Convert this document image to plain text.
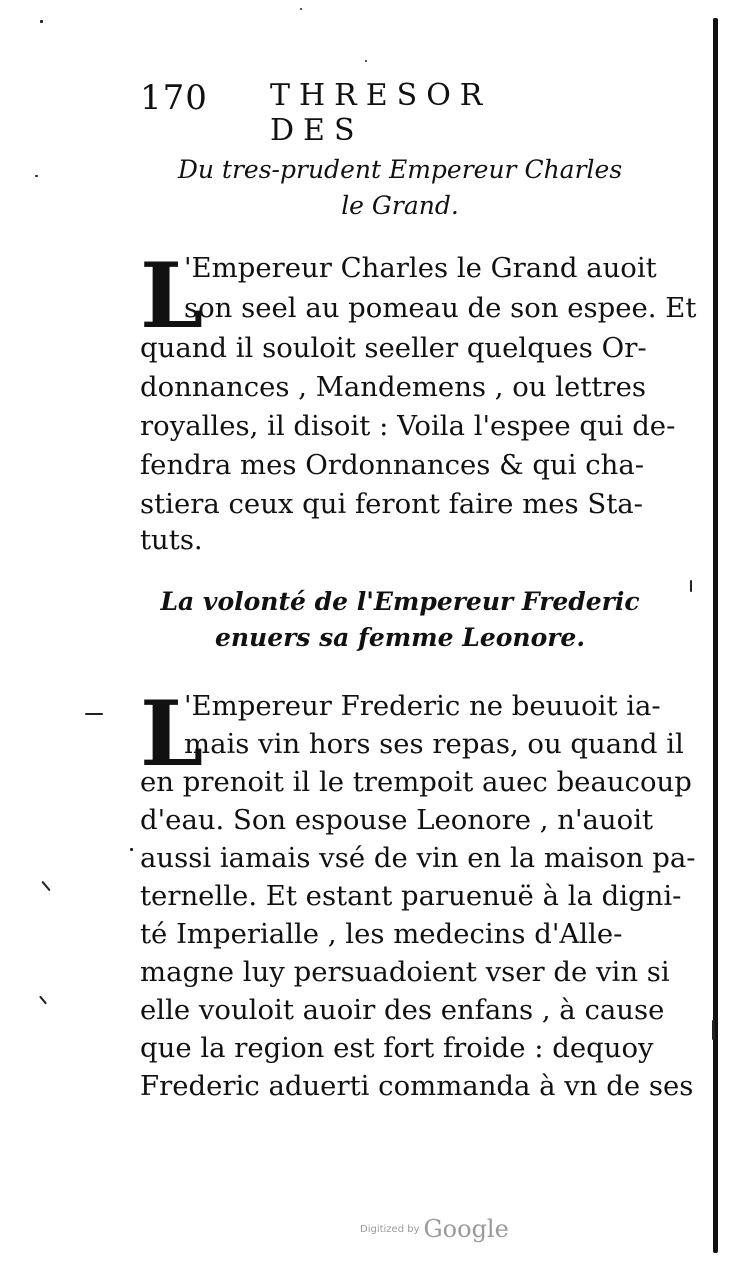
170 THRESOR DES
Du tres-prudent Empereur Charles
le Grand.
L
'Empereur Charles le Grand auoit
son seel au pomeau de son espee. Et
quand il souloit seeller quelques Or-
donnances , Mandemens , ou lettres
royalles, il disoit : Voila l'espee qui de-
fendra mes Ordonnances & qui cha-
stiera ceux qui feront faire mes Sta-
tuts.
La volonté de l'Empereur Frederic
enuers sa femme Leonore.
L
'Empereur Frederic ne beuuoit ia-
mais vin hors ses repas, ou quand il
en prenoit il le trempoit auec beaucoup
d'eau. Son espouse Leonore , n'auoit
aussi iamais vsé de vin en la maison pa-
ternelle. Et estant paruenuë à la digni-
té Imperialle , les medecins d'Alle-
magne luy persuadoient vser de vin si
elle vouloit auoir des enfans , à cause
que la region est fort froide : dequoy
Frederic aduerti commanda à vn de ses
Digitized by Google
